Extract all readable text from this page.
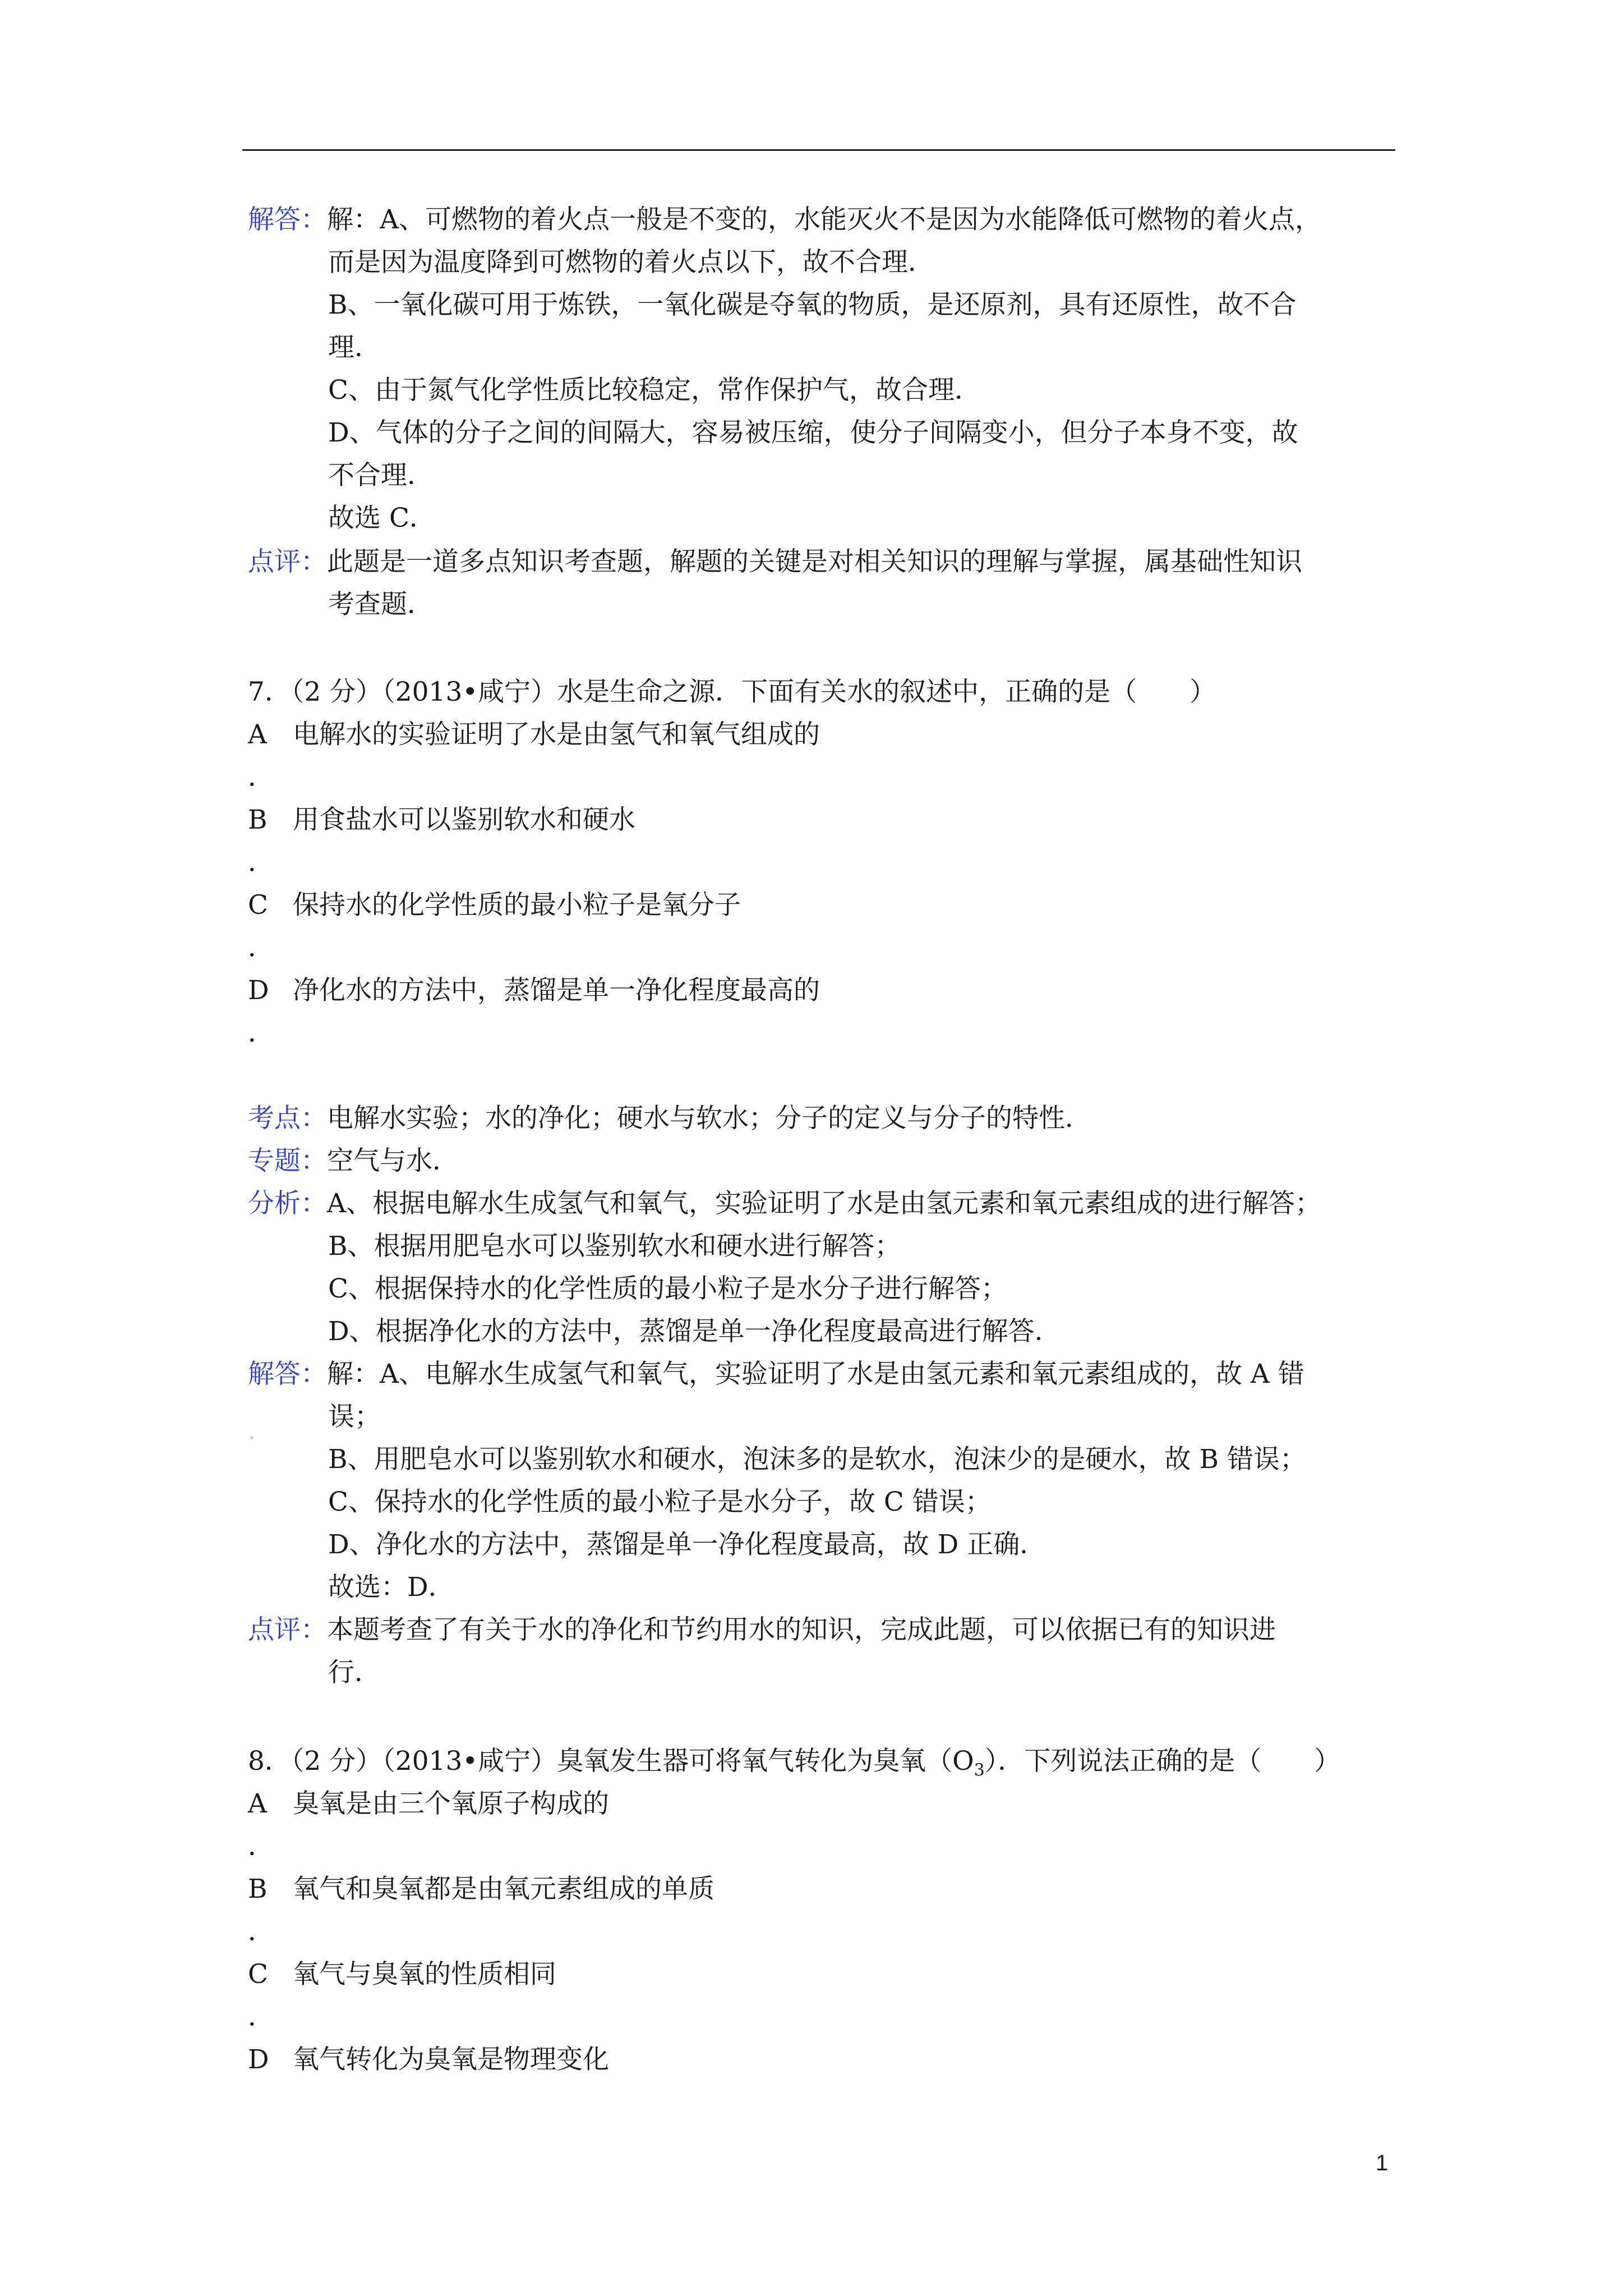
解答：解：A、可燃物的着火点一般是不变的，水能灭火不是因为水能降低可燃物的着火点，
而是因为温度降到可燃物的着火点以下，故不合理．
B、一氧化碳可用于炼铁，一氧化碳是夺氧的物质，是还原剂，具有还原性，故不合
理．
C、由于氮气化学性质比较稳定，常作保护气，故合理．
D、气体的分子之间的间隔大，容易被压缩，使分子间隔变小，但分子本身不变，故
不合理．
故选 C．
点评：此题是一道多点知识考查题，解题的关键是对相关知识的理解与掌握，属基础性知识
考查题．
7．（2 分）（2013•咸宁）水是生命之源．下面有关水的叙述中，正确的是（　　）
A 电解水的实验证明了水是由氢气和氧气组成的
．
B 用食盐水可以鉴别软水和硬水
．
C 保持水的化学性质的最小粒子是氧分子
．
D 净化水的方法中，蒸馏是单一净化程度最高的
．
考点：电解水实验；水的净化；硬水与软水；分子的定义与分子的特性．
专题：空气与水．
分析：A、根据电解水生成氢气和氧气，实验证明了水是由氢元素和氧元素组成的进行解答；
B、根据用肥皂水可以鉴别软水和硬水进行解答；
C、根据保持水的化学性质的最小粒子是水分子进行解答；
D、根据净化水的方法中，蒸馏是单一净化程度最高进行解答．
解答：解：A、电解水生成氢气和氧气，实验证明了水是由氢元素和氧元素组成的，故 A 错
误；
B、用肥皂水可以鉴别软水和硬水，泡沫多的是软水，泡沫少的是硬水，故 B 错误；
C、保持水的化学性质的最小粒子是水分子，故 C 错误；
D、净化水的方法中，蒸馏是单一净化程度最高，故 D 正确．
故选：D．
点评：本题考查了有关于水的净化和节约用水的知识，完成此题，可以依据已有的知识进
行．
8．（2 分）（2013•咸宁）臭氧发生器可将氧气转化为臭氧$(O_3)$．下列说法正确的是（　　）
A 臭氧是由三个氧原子构成的
．
B 氧气和臭氧都是由氧元素组成的单质
．
C 氧气与臭氧的性质相同
．
D 氧气转化为臭氧是物理变化
1
